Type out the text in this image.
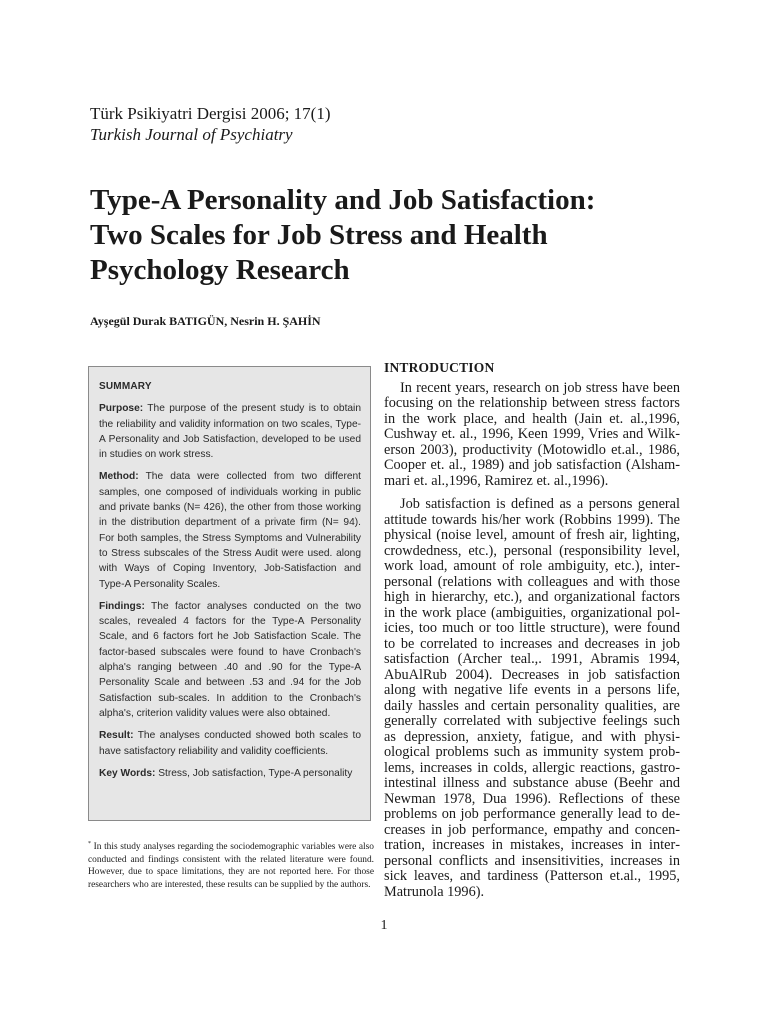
Türk Psikiyatri Dergisi 2006; 17(1)
Turkish Journal of Psychiatry
Type-A Personality and Job Satisfaction:
Two Scales for Job Stress and Health
Psychology Research
Ayşegül Durak BATIGÜN, Nesrin H. ŞAHİN
SUMMARY

Purpose: The purpose of the present study is to obtain the reliability and validity information on two scales, Type-A Personality and Job Satisfaction, developed to be used in studies on work stress.

Method: The data were collected from two different samples, one composed of individuals working in public and private banks (N= 426), the other from those working in the distribution department of a private firm (N= 94). For both samples, the Stress Symptoms and Vulnerability to Stress subscales of the Stress Audit were used. along with Ways of Coping Inventory, Job-Satisfaction and Type-A Personality Scales.

Findings: The factor analyses conducted on the two scales, revealed 4 factors for the Type-A Personality Scale, and 6 factors fort he Job Satisfaction Scale. The factor-based subscales were found to have Cronbach's alpha's ranging between .40 and .90 for the Type-A Personality Scale and between .53 and .94 for the Job Satisfaction sub-scales. In addition to the Cronbach's alpha's, criterion validity values were also obtained.

Result: The analyses conducted showed both scales to have satisfactory reliability and validity coefficients.

Key Words: Stress, Job satisfaction, Type-A personality

* In this study analyses regarding the sociodemographic variables were also conducted and findings consistent with the related literature were found. However, due to space limitations, they are not reported here. For those researchers who are interested, these results can be supplied by the authors.
INTRODUCTION

In recent years, research on job stress have been focusing on the relationship between stress factors in the work place, and health (Jain et. al.,1996, Cushway et. al., 1996, Keen 1999, Vries and Wilkerson 2003), productivity (Motowidlo et.al., 1986, Cooper et. al., 1989) and job satisfaction (Alshammari et. al.,1996, Ramirez et. al.,1996).

Job satisfaction is defined as a persons general attitude towards his/her work (Robbins 1999). The physical (noise level, amount of fresh air, lighting, crowdedness, etc.), personal (responsibility level, work load, amount of role ambiguity, etc.), interpersonal (relations with colleagues and with those high in hierarchy, etc.), and organizational factors in the work place (ambiguities, organizational policies, too much or too little structure), were found to be correlated to increases and decreases in job satisfaction (Archer teal.,. 1991, Abramis 1994, AbuAlRub 2004). Decreases in job satisfaction along with negative life events in a persons life, daily hassles and certain personality qualities, are generally correlated with subjective feelings such as depression, anxiety, fatigue, and with physiological problems such as immunity system problems, increases in colds, allergic reactions, gastrointestinal illness and substance abuse (Beehr and Newman 1978, Dua 1996). Reflections of these problems on job performance generally lead to decreases in job performance, empathy and concentration, increases in mistakes, increases in interpersonal conflicts and insensitivities, increases in sick leaves, and tardiness (Patterson et.al., 1995, Matrunola 1996).

1
